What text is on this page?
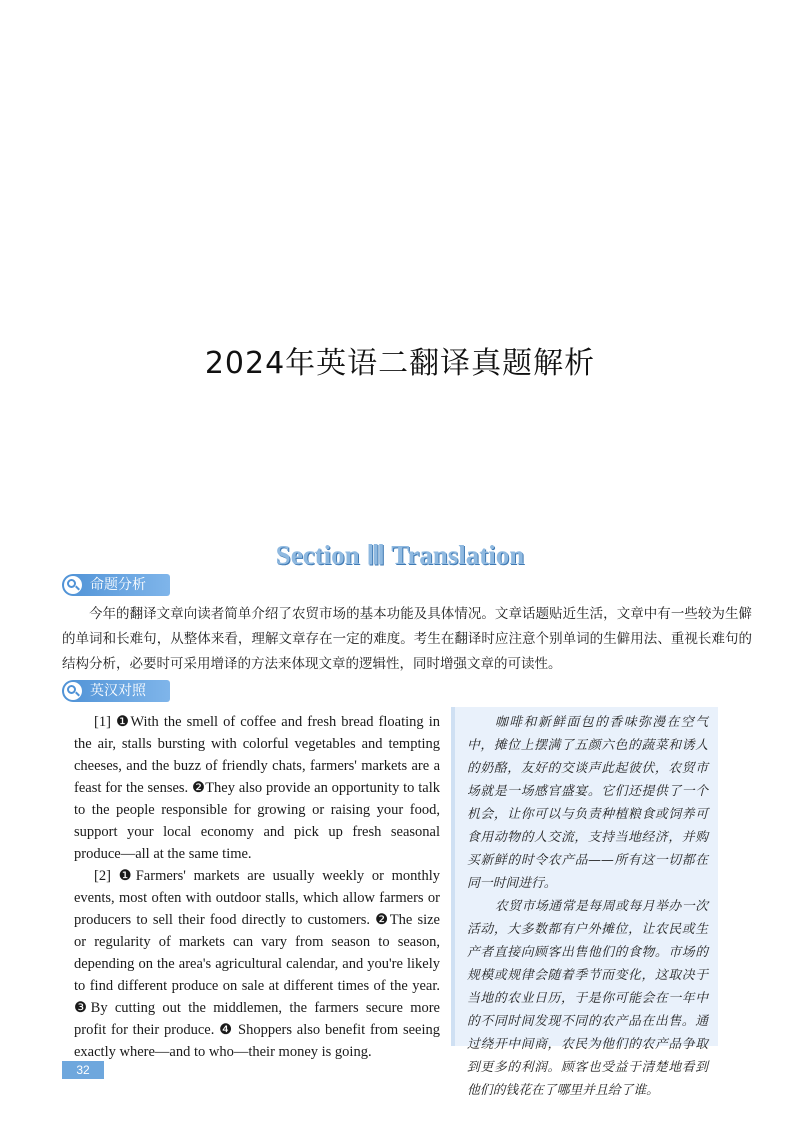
2024年英语二翻译真题解析
Section Ⅲ Translation
命题分析

今年的翻译文章向读者简单介绍了农贸市场的基本功能及具体情况。文章话题贴近生活，文章中有一些较为生僻的单词和长难句，从整体来看，理解文章存在一定的难度。考生在翻译时应注意个别单词的生僻用法、重视长难句的结构分析，必要时可采用增译的方法来体现文章的逻辑性，同时增强文章的可读性。

英汉对照

[1] ❶With the smell of coffee and fresh bread floating in the air, stalls bursting with colorful vegetables and tempting cheeses, and the buzz of friendly chats, farmers' markets are a feast for the senses. ❷They also provide an opportunity to talk to the people responsible for growing or raising your food, support your local economy and pick up fresh seasonal produce—all at the same time.

[2] ❶Farmers' markets are usually weekly or monthly events, most often with outdoor stalls, which allow farmers or producers to sell their food directly to customers. ❷The size or regularity of markets can vary from season to season, depending on the area's agricultural calendar, and you're likely to find different produce on sale at different times of the year. ❸By cutting out the middlemen, the farmers secure more profit for their produce. ❹ Shoppers also benefit from seeing exactly where—and to who—their money is going.

咖啡和新鲜面包的香味弥漫在空气中，摊位上摆满了五颜六色的蔬菜和诱人的奶酪，友好的交谈声此起彼伏，农贸市场就是一场感官盛宴。它们还提供了一个机会，让你可以与负责种植粮食或饲养可食用动物的人交流，支持当地经济，并购买新鲜的时令农产品——所有这一切都在同一时间进行。

农贸市场通常是每周或每月举办一次活动，大多数都有户外摊位，让农民或生产者直接向顾客出售他们的食物。市场的规模或规律会随着季节而变化，这取决于当地的农业日历，于是你可能会在一年中的不同时间发现不同的农产品在出售。通过绕开中间商，农民为他们的农产品争取到更多的利润。顾客也受益于清楚地看到他们的钱花在了哪里并且给了谁。

32
